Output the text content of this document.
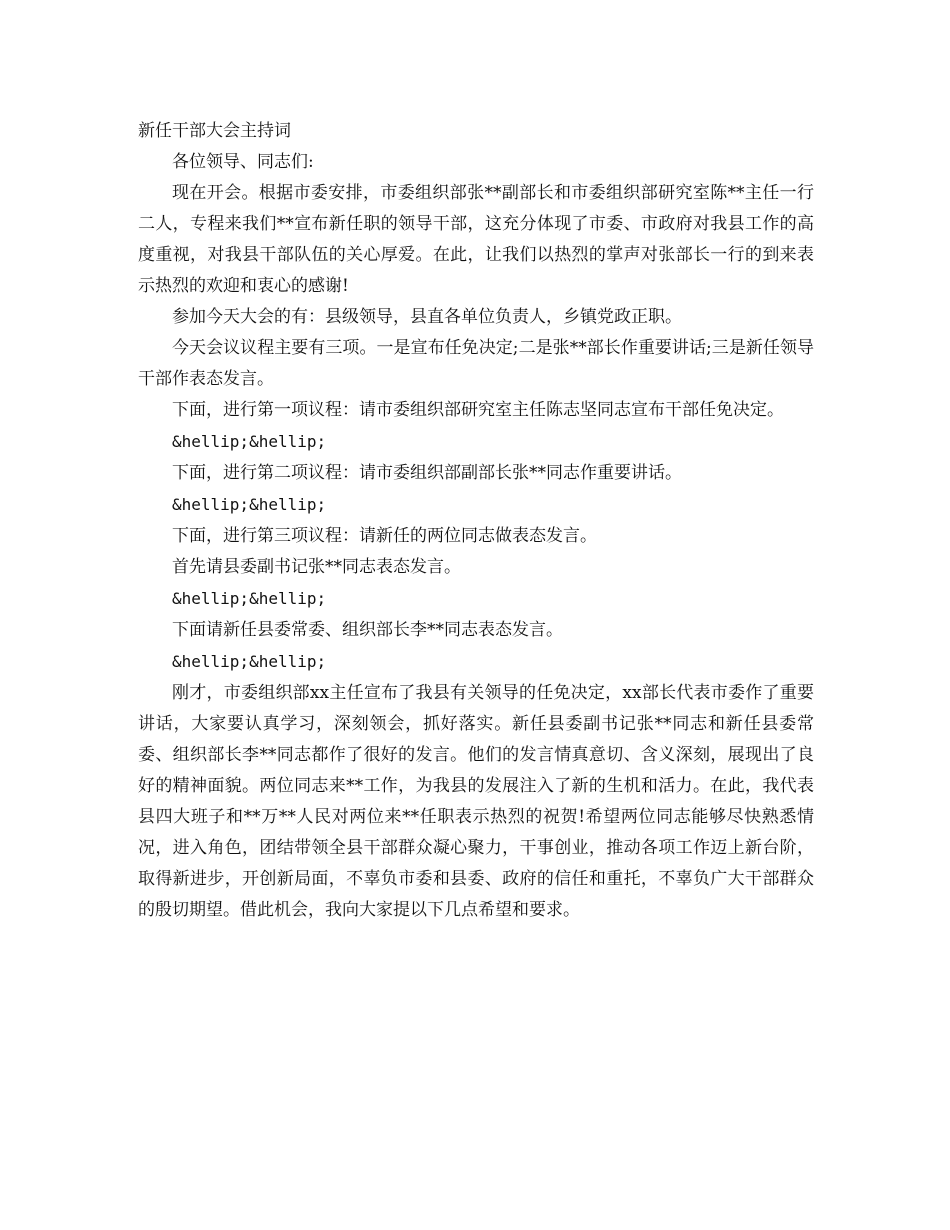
新任干部大会主持词

各位领导、同志们:

现在开会。根据市委安排，市委组织部张**副部长和市委组织部研究室陈**主任一行二人，专程来我们**宣布新任职的领导干部，这充分体现了市委、市政府对我县工作的高度重视，对我县干部队伍的关心厚爱。在此，让我们以热烈的掌声对张部长一行的到来表示热烈的欢迎和衷心的感谢!

参加今天大会的有：县级领导，县直各单位负责人，乡镇党政正职。

今天会议议程主要有三项。一是宣布任免决定;二是张**部长作重要讲话;三是新任领导干部作表态发言。

下面，进行第一项议程：请市委组织部研究室主任陈志坚同志宣布干部任免决定。

&hellip;&hellip;

下面，进行第二项议程：请市委组织部副部长张**同志作重要讲话。

&hellip;&hellip;

下面，进行第三项议程：请新任的两位同志做表态发言。

首先请县委副书记张**同志表态发言。

&hellip;&hellip;

下面请新任县委常委、组织部长李**同志表态发言。

&hellip;&hellip;

刚才，市委组织部xx主任宣布了我县有关领导的任免决定，xx部长代表市委作了重要讲话，大家要认真学习，深刻领会，抓好落实。新任县委副书记张**同志和新任县委常委、组织部长李**同志都作了很好的发言。他们的发言情真意切、含义深刻，展现出了良好的精神面貌。两位同志来**工作，为我县的发展注入了新的生机和活力。在此，我代表县四大班子和**万**人民对两位来**任职表示热烈的祝贺!希望两位同志能够尽快熟悉情况，进入角色，团结带领全县干部群众凝心聚力，干事创业，推动各项工作迈上新台阶，取得新进步，开创新局面，不辜负市委和县委、政府的信任和重托，不辜负广大干部群众的殷切期望。借此机会，我向大家提以下几点希望和要求。
